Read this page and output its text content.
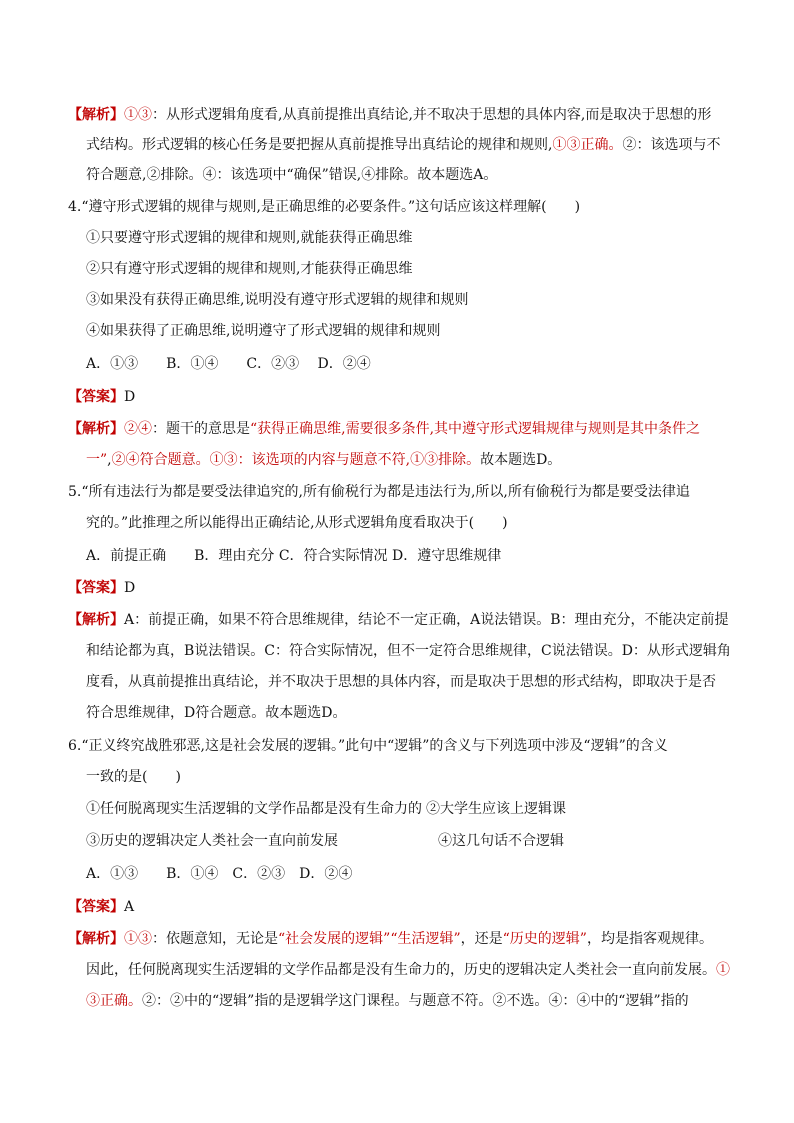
【解析】①③：从形式逻辑角度看,从真前提推出真结论,并不取决于思想的具体内容,而是取决于思想的形
式结构。形式逻辑的核心任务是要把握从真前提推导出真结论的规律和规则,①③正确。②：该选项与不
符合题意,②排除。④：该选项中“确保”错误,④排除。故本题选A。
4.“遵守形式逻辑的规律与规则,是正确思维的必要条件。”这句话应该这样理解(　　)
①只要遵守形式逻辑的规律和规则,就能获得正确思维
②只有遵守形式逻辑的规律和规则,才能获得正确思维
③如果没有获得正确思维,说明没有遵守形式逻辑的规律和规则
④如果获得了正确思维,说明遵守了形式逻辑的规律和规则
A．①③　　B．①④　　C．②③　 D．②④
【答案】D
【解析】②④：题干的意思是“获得正确思维,需要很多条件,其中遵守形式逻辑规律与规则是其中条件之
一”,②④符合题意。①③：该选项的内容与题意不符,①③排除。故本题选D。
5.“所有违法行为都是要受法律追究的,所有偷税行为都是违法行为,所以,所有偷税行为都是要受法律追
究的。”此推理之所以能得出正确结论,从形式逻辑角度看取决于(　　)
A．前提正确　　B．理由充分 C．符合实际情况 D．遵守思维规律
【答案】D
【解析】A：前提正确，如果不符合思维规律，结论不一定正确，A说法错误。B：理由充分，不能决定前提
和结论都为真，B说法错误。C：符合实际情况，但不一定符合思维规律，C说法错误。D：从形式逻辑角
度看，从真前提推出真结论，并不取决于思想的具体内容，而是取决于思想的形式结构，即取决于是否
符合思维规律，D符合题意。故本题选D。
6.“正义终究战胜邪恶,这是社会发展的逻辑。”此句中“逻辑”的含义与下列选项中涉及“逻辑”的含义
一致的是(　　)
①任何脱离现实生活逻辑的文学作品都是没有生命力的 ②大学生应该上逻辑课
③历史的逻辑决定人类社会一直向前发展	④这几句话不合逻辑
A．①③　　B．①④　C．②③　D．②④
【答案】A
【解析】①③：依题意知，无论是“社会发展的逻辑”“生活逻辑”，还是“历史的逻辑”，均是指客观规律。
因此，任何脱离现实生活逻辑的文学作品都是没有生命力的，历史的逻辑决定人类社会一直向前发展。①
③正确。②：②中的“逻辑”指的是逻辑学这门课程。与题意不符。②不选。④：④中的“逻辑”指的
